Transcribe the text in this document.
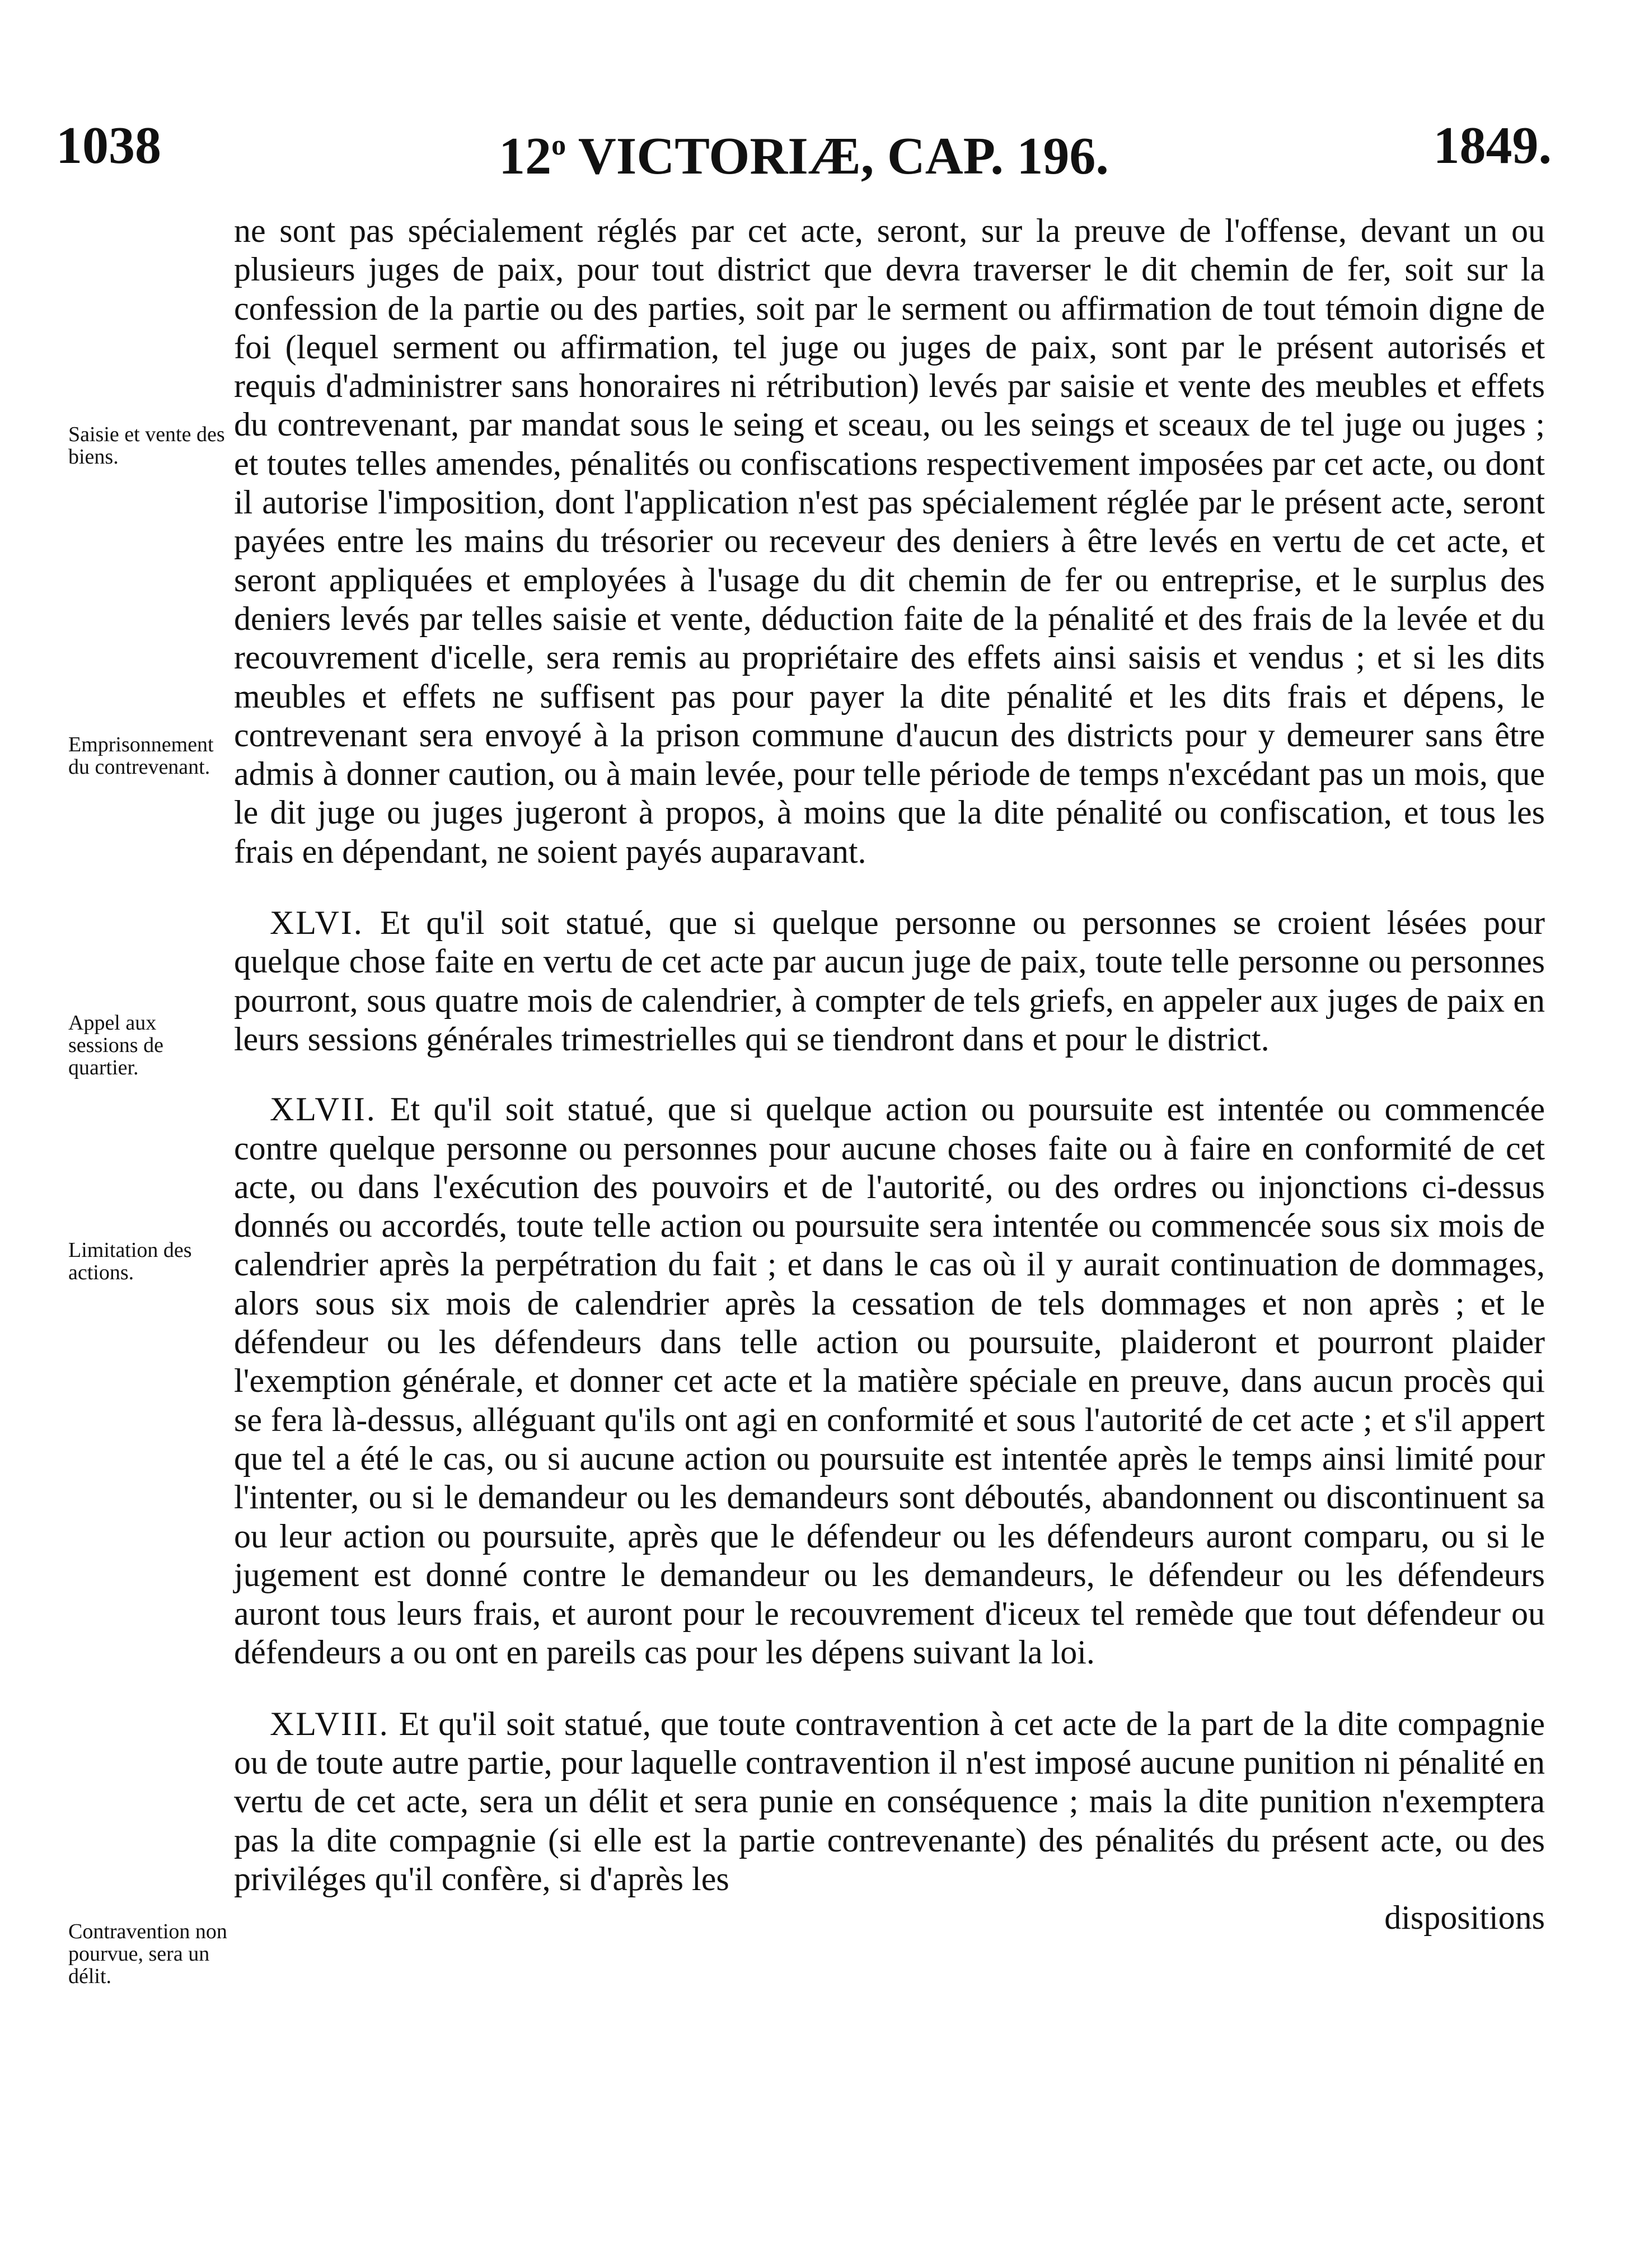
1038	12$^o$ VICTORIÆ, CAP. 196.	1849.
Saisie et vente des biens.
Emprisonnement du contrevenant.
Appel aux sessions de quartier.
Limitation des actions.
Contravention non pourvue, sera un délit.

ne sont pas spécialement réglés par cet acte, seront, sur la preuve de l'offense, devant un ou plusieurs juges de paix, pour tout district que devra traverser le dit chemin de fer, soit sur la confession de la partie ou des parties, soit par le serment ou affirmation de tout témoin digne de foi (lequel serment ou affirmation, tel juge ou juges de paix, sont par le présent autorisés et requis d'administrer sans honoraires ni rétribution) levés par saisie et vente des meubles et effets du contrevenant, par mandat sous le seing et sceau, ou les seings et sceaux de tel juge ou juges ; et toutes telles amendes, pénalités ou confiscations respectivement imposées par cet acte, ou dont il autorise l'imposition, dont l'application n'est pas spécialement réglée par le présent acte, seront payées entre les mains du trésorier ou receveur des deniers à être levés en vertu de cet acte, et seront appliquées et employées à l'usage du dit chemin de fer ou entreprise, et le surplus des deniers levés par telles saisie et vente, déduction faite de la pénalité et des frais de la levée et du recouvrement d'icelle, sera remis au propriétaire des effets ainsi saisis et vendus ; et si les dits meubles et effets ne suffisent pas pour payer la dite pénalité et les dits frais et dépens, le contrevenant sera envoyé à la prison commune d'aucun des districts pour y demeurer sans être admis à donner caution, ou à main levée, pour telle période de temps n'excédant pas un mois, que le dit juge ou juges jugeront à propos, à moins que la dite pénalité ou confiscation, et tous les frais en dépendant, ne soient payés auparavant.

XLVI. Et qu'il soit statué, que si quelque personne ou personnes se croient lésées pour quelque chose faite en vertu de cet acte par aucun juge de paix, toute telle personne ou personnes pourront, sous quatre mois de calendrier, à compter de tels griefs, en appeler aux juges de paix en leurs sessions générales trimestrielles qui se tiendront dans et pour le district.

XLVII. Et qu'il soit statué, que si quelque action ou poursuite est intentée ou commencée contre quelque personne ou personnes pour aucune choses faite ou à faire en conformité de cet acte, ou dans l'exécution des pouvoirs et de l'autorité, ou des ordres ou injonctions ci-dessus donnés ou accordés, toute telle action ou poursuite sera intentée ou commencée sous six mois de calendrier après la perpétration du fait ; et dans le cas où il y aurait continuation de dommages, alors sous six mois de calendrier après la cessation de tels dommages et non après ; et le défendeur ou les défendeurs dans telle action ou poursuite, plaideront et pourront plaider l'exemption générale, et donner cet acte et la matière spéciale en preuve, dans aucun procès qui se fera là-dessus, alléguant qu'ils ont agi en conformité et sous l'autorité de cet acte ; et s'il appert que tel a été le cas, ou si aucune action ou poursuite est intentée après le temps ainsi limité pour l'intenter, ou si le demandeur ou les demandeurs sont déboutés, abandonnent ou discontinuent sa ou leur action ou poursuite, après que le défendeur ou les défendeurs auront comparu, ou si le jugement est donné contre le demandeur ou les demandeurs, le défendeur ou les défendeurs auront tous leurs frais, et auront pour le recouvrement d'iceux tel remède que tout défendeur ou défendeurs a ou ont en pareils cas pour les dépens suivant la loi.

XLVIII. Et qu'il soit statué, que toute contravention à cet acte de la part de la dite compagnie ou de toute autre partie, pour laquelle contravention il n'est imposé aucune punition ni pénalité en vertu de cet acte, sera un délit et sera punie en conséquence ; mais la dite punition n'exemptera pas la dite compagnie (si elle est la partie contrevenante) des pénalités du présent acte, ou des priviléges qu'il confère, si d'après les

dispositions
